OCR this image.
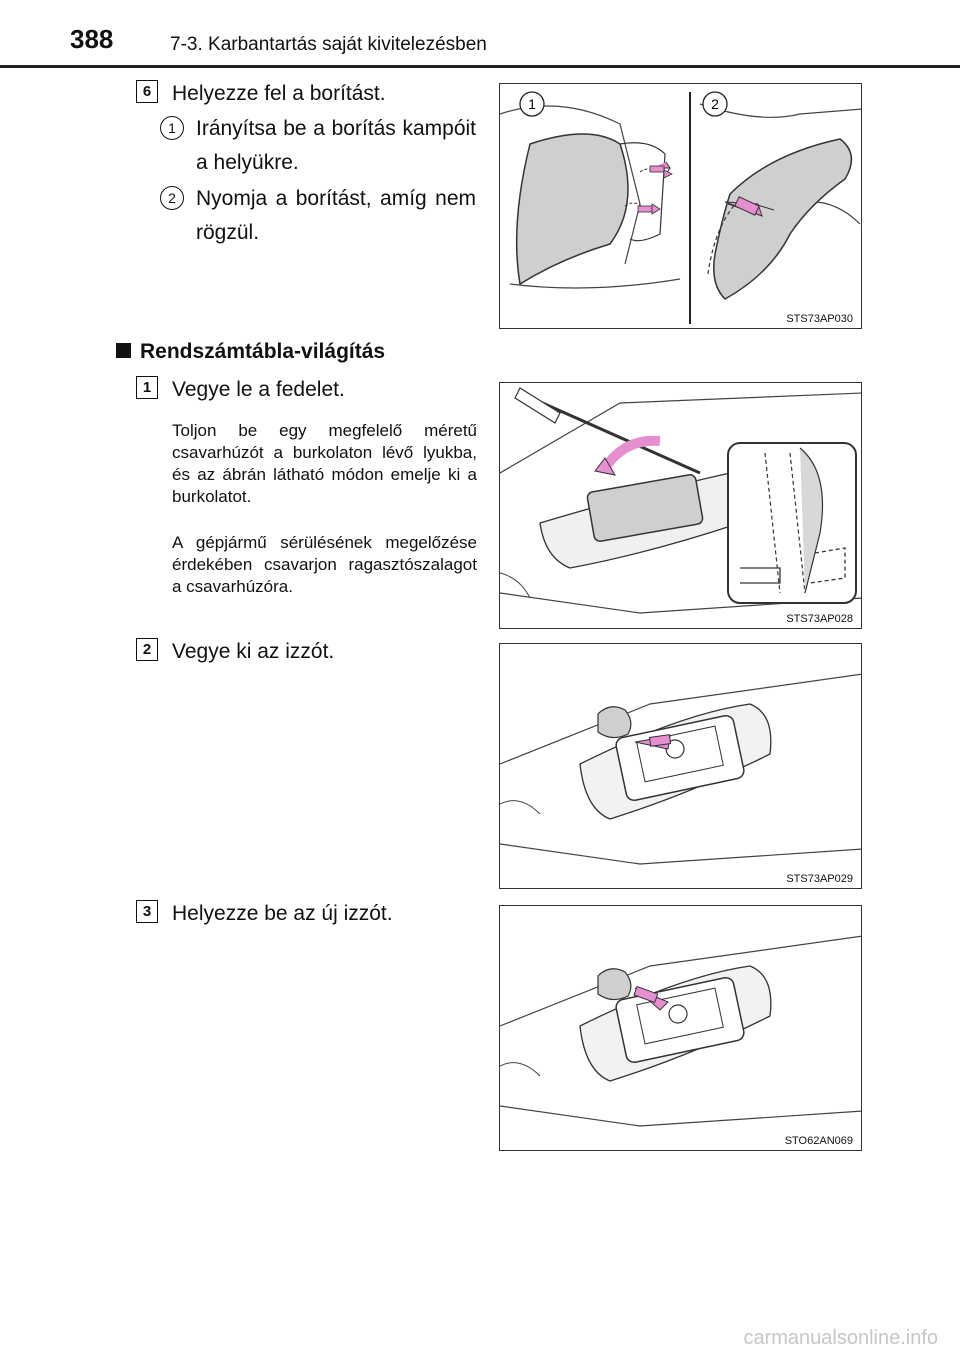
388	7-3. Karbantartás saját kivitelezésben
6 Helyezze fel a borítást.
1 Irányítsa be a borítás kampóit a helyükre.
2 Nyomja a borítást, amíg nem rögzül.
1	2
STS73AP030
Rendszámtábla-világítás
1 Vegye le a fedelet.
Toljon be egy megfelelő méretű csavarhúzót a burkolaton lévő lyukba, és az ábrán látható módon emelje ki a burkolatot.
A gépjármű sérülésének megelőzése érdekében csavarjon ragasztószalagot a csavarhúzóra.
STS73AP028
2 Vegye ki az izzót.
STS73AP029
3 Helyezze be az új izzót.
STO62AN069
carmanualsonline.info
